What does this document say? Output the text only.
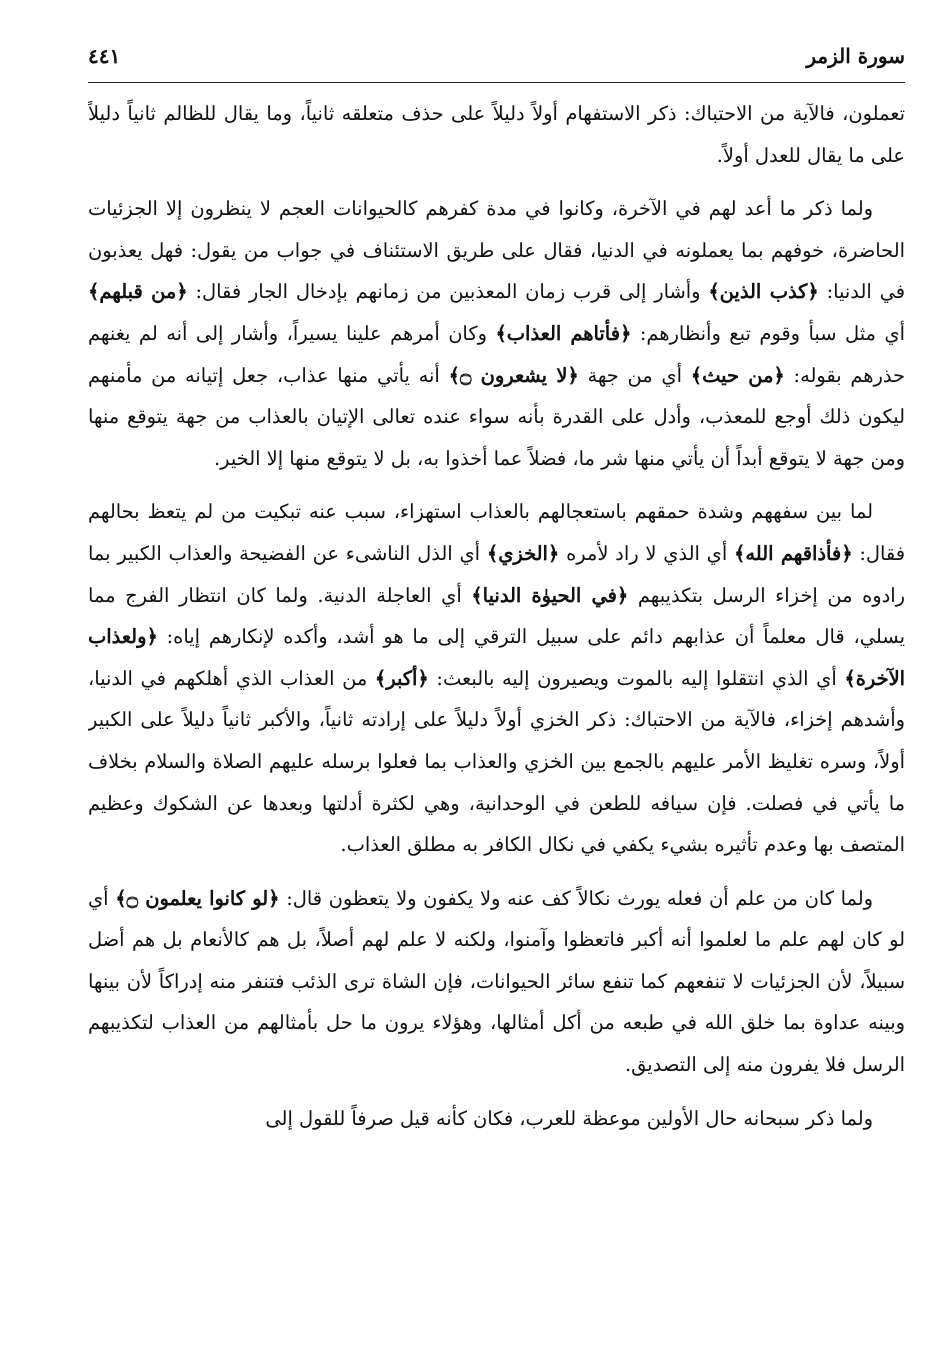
سورة الزمر
٤٤١

تعملون، فالآية من الاحتباك: ذكر الاستفهام أولاً دليلاً على حذف متعلقه ثانياً، وما يقال للظالم ثانياً دليلاً على ما يقال للعدل أولاً.

ولما ذكر ما أعد لهم في الآخرة، وكانوا في مدة كفرهم كالحيوانات العجم لا ينظرون إلا الجزئيات الحاضرة، خوفهم بما يعملونه في الدنيا، فقال على طريق الاستئناف في جواب من يقول: فهل يعذبون في الدنيا: ﴿كذب الذين﴾ وأشار إلى قرب زمان المعذبين من زمانهم بإدخال الجار فقال: ﴿من قبلهم﴾ أي مثل سبأ وقوم تبع وأنظارهم: ﴿فأتاهم العذاب﴾ وكان أمرهم علينا يسيراً، وأشار إلى أنه لم يغنهم حذرهم بقوله: ﴿من حيث﴾ أي من جهة ﴿لا يشعرون ۝﴾ أنه يأتي منها عذاب، جعل إتيانه من مأمنهم ليكون ذلك أوجع للمعذب، وأدل على القدرة بأنه سواء عنده تعالى الإتيان بالعذاب من جهة يتوقع منها ومن جهة لا يتوقع أبداً أن يأتي منها شر ما، فضلاً عما أخذوا به، بل لا يتوقع منها إلا الخير.

لما بين سفههم وشدة حمقهم باستعجالهم بالعذاب استهزاء، سبب عنه تبكيت من لم يتعظ بحالهم فقال: ﴿فأذاقهم الله﴾ أي الذي لا راد لأمره ﴿الخزي﴾ أي الذل الناشىء عن الفضيحة والعذاب الكبير بما رادوه من إخزاء الرسل بتكذيبهم ﴿في الحيوٰة الدنيا﴾ أي العاجلة الدنية. ولما كان انتظار الفرج مما يسلي، قال معلماً أن عذابهم دائم على سبيل الترقي إلى ما هو أشد، وأكده لإنكارهم إياه: ﴿ولعذاب الآخرة﴾ أي الذي انتقلوا إليه بالموت ويصيرون إليه بالبعث: ﴿أكبر﴾ من العذاب الذي أهلكهم في الدنيا، وأشدهم إخزاء، فالآية من الاحتباك: ذكر الخزي أولاً دليلاً على إرادته ثانياً، والأكبر ثانياً دليلاً على الكبير أولاً، وسره تغليظ الأمر عليهم بالجمع بين الخزي والعذاب بما فعلوا برسله عليهم الصلاة والسلام بخلاف ما يأتي في فصلت. فإن سيافه للطعن في الوحدانية، وهي لكثرة أدلتها وبعدها عن الشكوك وعظيم المتصف بها وعدم تأثيره بشيء يكفي في نكال الكافر به مطلق العذاب.

ولما كان من علم أن فعله يورث نكالاً كف عنه ولا يكفون ولا يتعظون قال: ﴿لو كانوا يعلمون ۝﴾ أي لو كان لهم علم ما لعلموا أنه أكبر فاتعظوا وآمنوا، ولكنه لا علم لهم أصلاً، بل هم كالأنعام بل هم أضل سبيلاً، لأن الجزئيات لا تنفعهم كما تنفع سائر الحيوانات، فإن الشاة ترى الذئب فتنفر منه إدراكاً لأن بينها وبينه عداوة بما خلق الله في طبعه من أكل أمثالها، وهؤلاء يرون ما حل بأمثالهم من العذاب لتكذيبهم الرسل فلا يفرون منه إلى التصديق.

ولما ذكر سبحانه حال الأولين موعظة للعرب، فكان كأنه قيل صرفاً للقول إلى
